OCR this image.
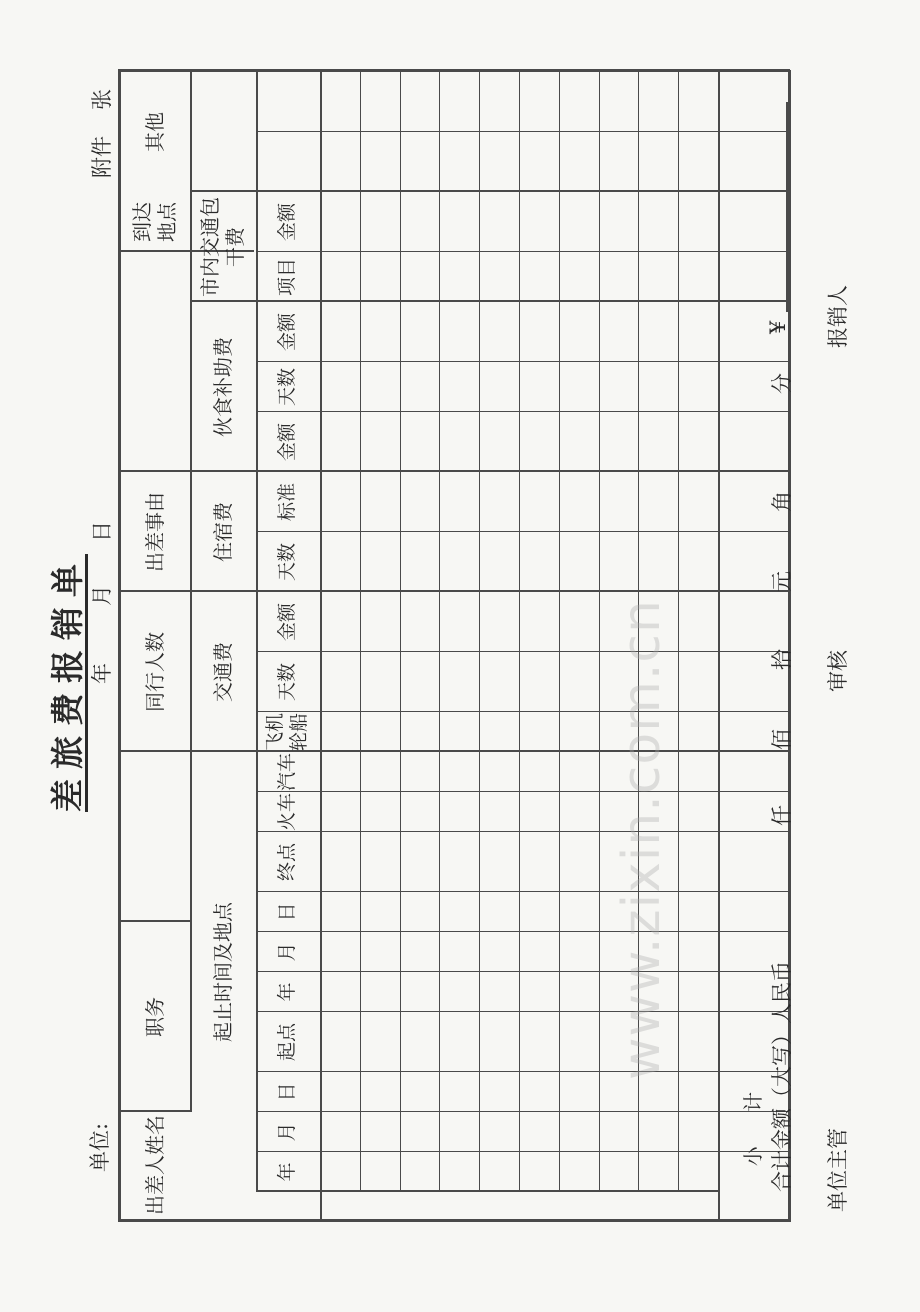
差旅费报销单
单位:
年
月
日
附件
张
出差人姓名
职务
同行人数
出差事由
到达地点
起止时间及地点
交通费
住宿费
伙食补助费
市内交通包干费
其他
年
月
日
起点
年
月
日
终点
火车
汽车
飞机轮船
天数
金额
天数
标准
金额
天数
金额
项目
金额
小 计 合计金额（大写）人民币
仟
佰
拾
元
角
分
¥
单位主管
审核
报销人
www.zixin.com.cn
